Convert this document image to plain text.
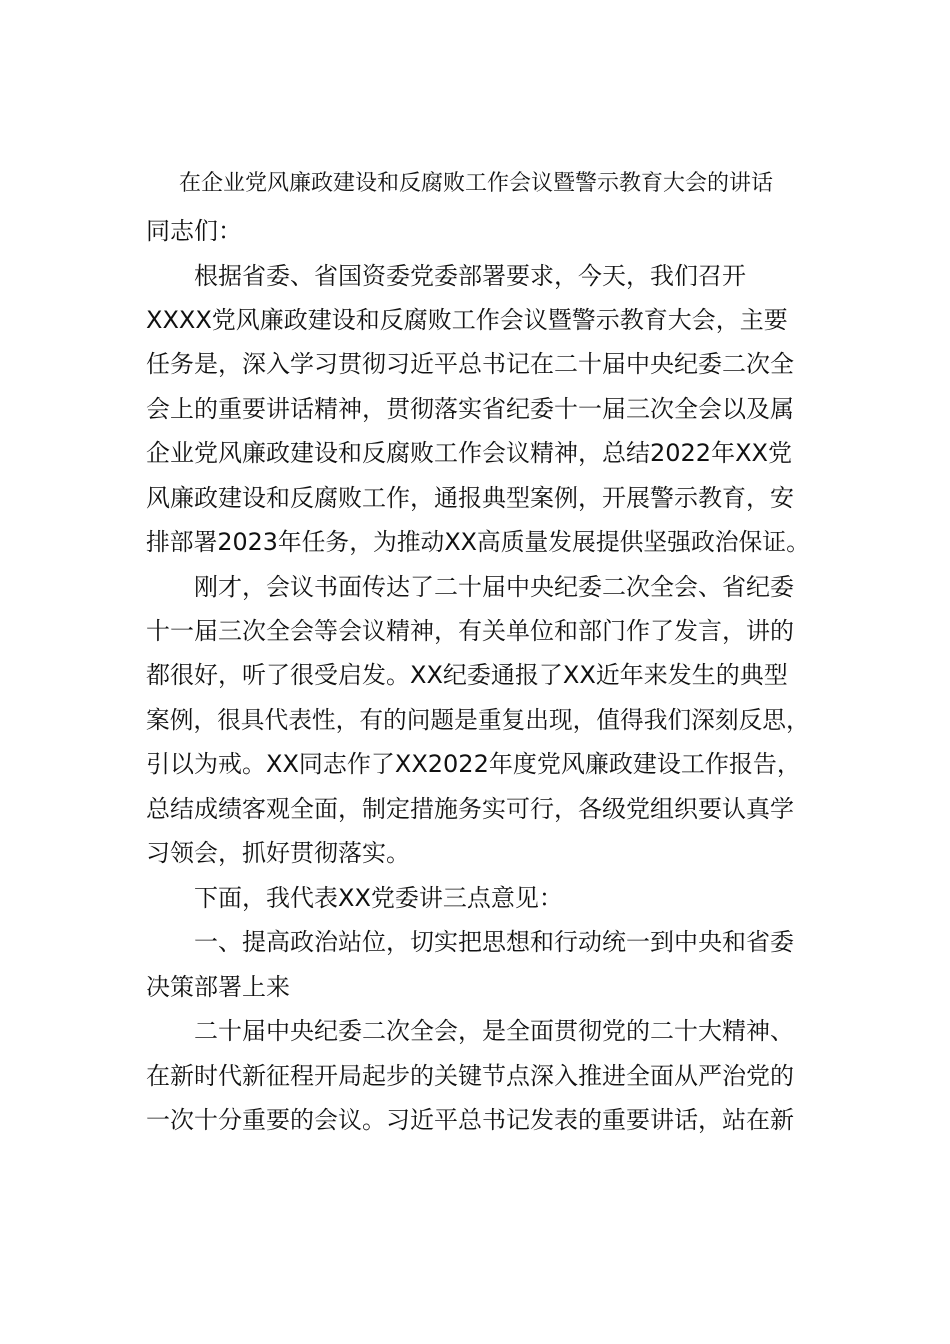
在企业党风廉政建设和反腐败工作会议暨警示教育大会的讲话
同志们：
根据省委、省国资委党委部署要求，今天，我们召开
XXXX党风廉政建设和反腐败工作会议暨警示教育大会，主要
任务是，深入学习贯彻习近平总书记在二十届中央纪委二次全
会上的重要讲话精神，贯彻落实省纪委十一届三次全会以及属
企业党风廉政建设和反腐败工作会议精神，总结2022年XX党
风廉政建设和反腐败工作，通报典型案例，开展警示教育，安
排部署2023年任务，为推动XX高质量发展提供坚强政治保证。
刚才，会议书面传达了二十届中央纪委二次全会、省纪委
十一届三次全会等会议精神，有关单位和部门作了发言，讲的
都很好，听了很受启发。XX纪委通报了XX近年来发生的典型
案例，很具代表性，有的问题是重复出现，值得我们深刻反思，
引以为戒。XX同志作了XX2022年度党风廉政建设工作报告，
总结成绩客观全面，制定措施务实可行，各级党组织要认真学
习领会，抓好贯彻落实。
下面，我代表XX党委讲三点意见：
一、提高政治站位，切实把思想和行动统一到中央和省委
决策部署上来
二十届中央纪委二次全会，是全面贯彻党的二十大精神、
在新时代新征程开局起步的关键节点深入推进全面从严治党的
一次十分重要的会议。习近平总书记发表的重要讲话，站在新
